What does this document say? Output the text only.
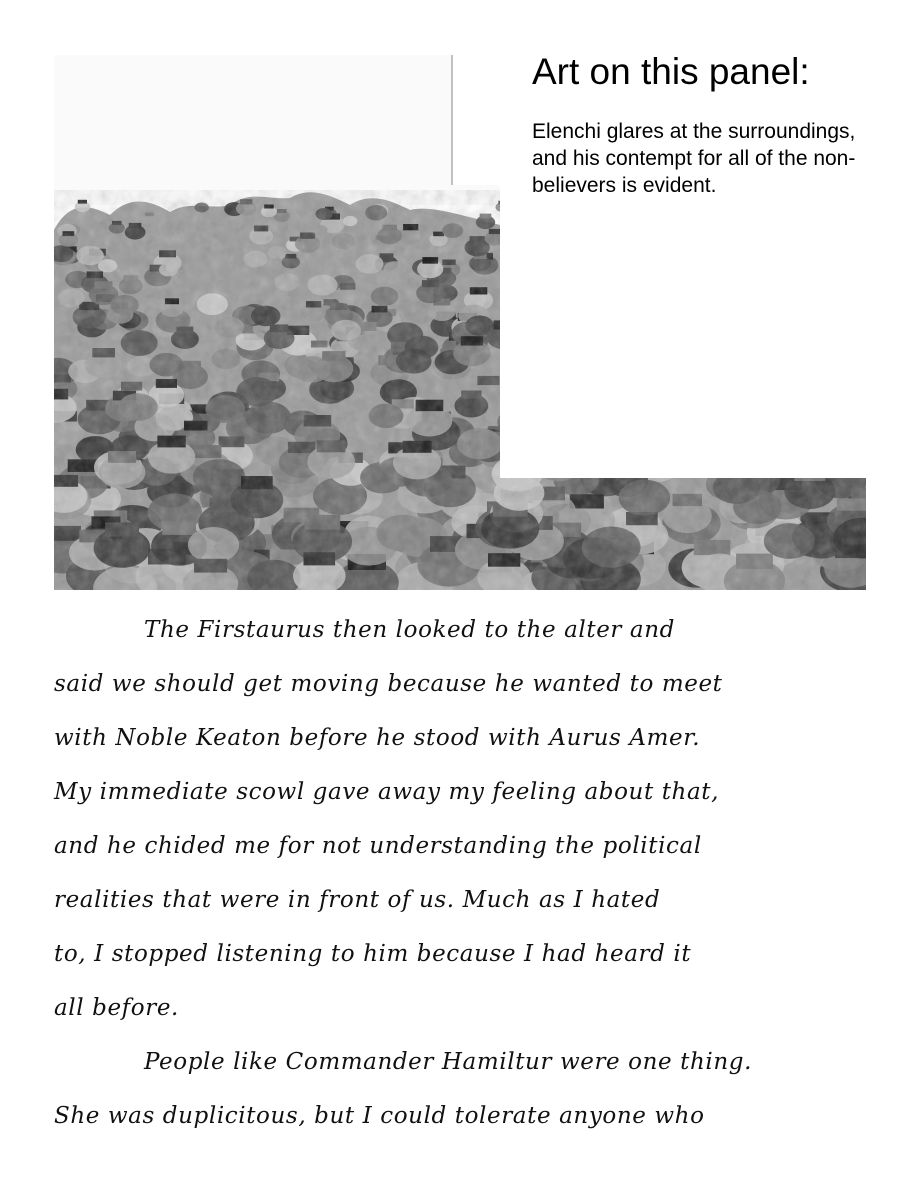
Art on this panel:
Elenchi glares at the surroundings, and his contempt for all of the non-believers is evident.
The Firstaurus then looked to the alter and
said we should get moving because he wanted to meet
with Noble Keaton before he stood with Aurus Amer.
My immediate scowl gave away my feeling about that,
and he chided me for not understanding the political
realities that were in front of us. Much as I hated
to, I stopped listening to him because I had heard it
all before.
People like Commander Hamiltur were one thing.
She was duplicitous, but I could tolerate anyone who
